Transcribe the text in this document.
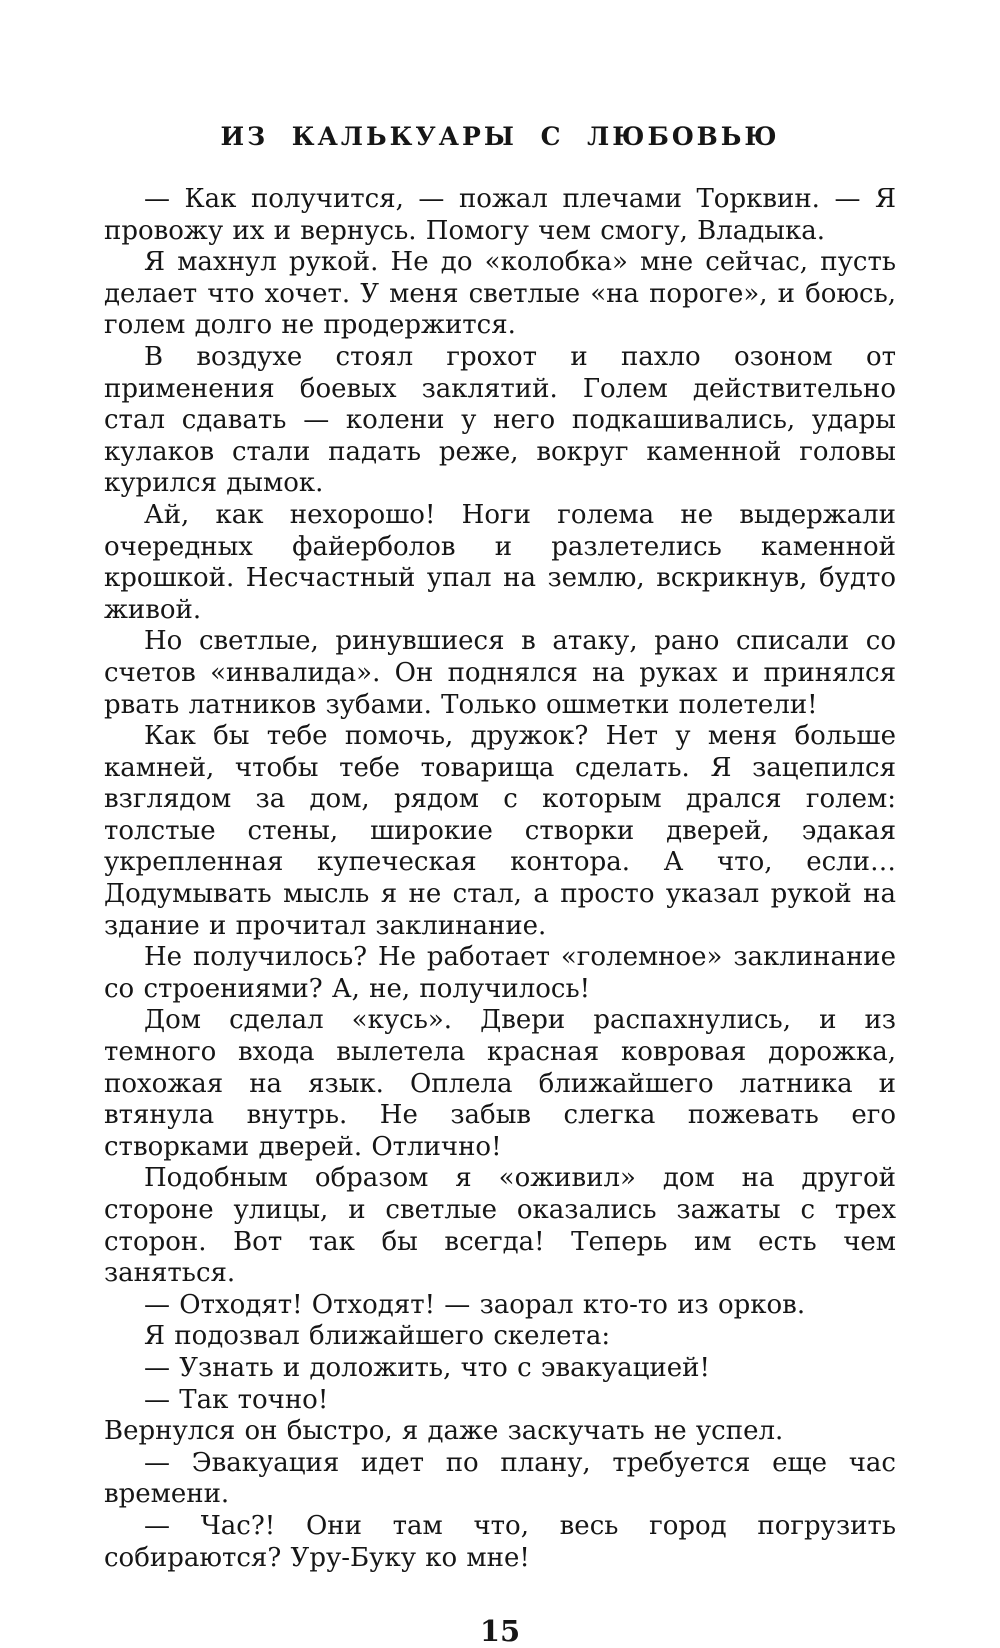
ИЗ КАЛЬКУАРЫ С ЛЮБОВЬЮ

— Как получится, — пожал плечами Торквин. — Я провожу их и вернусь. Помогу чем смогу, Владыка.

Я махнул рукой. Не до «колобка» мне сейчас, пусть делает что хочет. У меня светлые «на пороге», и боюсь, голем долго не продержится.

В воздухе стоял грохот и пахло озоном от применения боевых заклятий. Голем действительно стал сдавать — колени у него подкашивались, удары кулаков стали падать реже, вокруг каменной головы курился дымок.

Ай, как нехорошо! Ноги голема не выдержали очередных файерболов и разлетелись каменной крошкой. Несчастный упал на землю, вскрикнув, будто живой.

Но светлые, ринувшиеся в атаку, рано списали со счетов «инвалида». Он поднялся на руках и принялся рвать латников зубами. Только ошметки полетели!

Как бы тебе помочь, дружок? Нет у меня больше камней, чтобы тебе товарища сделать. Я зацепился взглядом за дом, рядом с которым дрался голем: толстые стены, широкие створки дверей, эдакая укрепленная купеческая контора. А что, если… Додумывать мысль я не стал, а просто указал рукой на здание и прочитал заклинание.

Не получилось? Не работает «големное» заклинание со строениями? А, не, получилось!

Дом сделал «кусь». Двери распахнулись, и из темного входа вылетела красная ковровая дорожка, похожая на язык. Оплела ближайшего латника и втянула внутрь. Не забыв слегка пожевать его створками дверей. Отлично!

Подобным образом я «оживил» дом на другой стороне улицы, и светлые оказались зажаты с трех сторон. Вот так бы всегда! Теперь им есть чем заняться.

— Отходят! Отходят! — заорал кто-то из орков.

Я подозвал ближайшего скелета:

— Узнать и доложить, что с эвакуацией!

— Так точно!

Вернулся он быстро, я даже заскучать не успел.

— Эвакуация идет по плану, требуется еще час времени.

— Час?! Они там что, весь город погрузить собираются? Уру-Буку ко мне!

15
